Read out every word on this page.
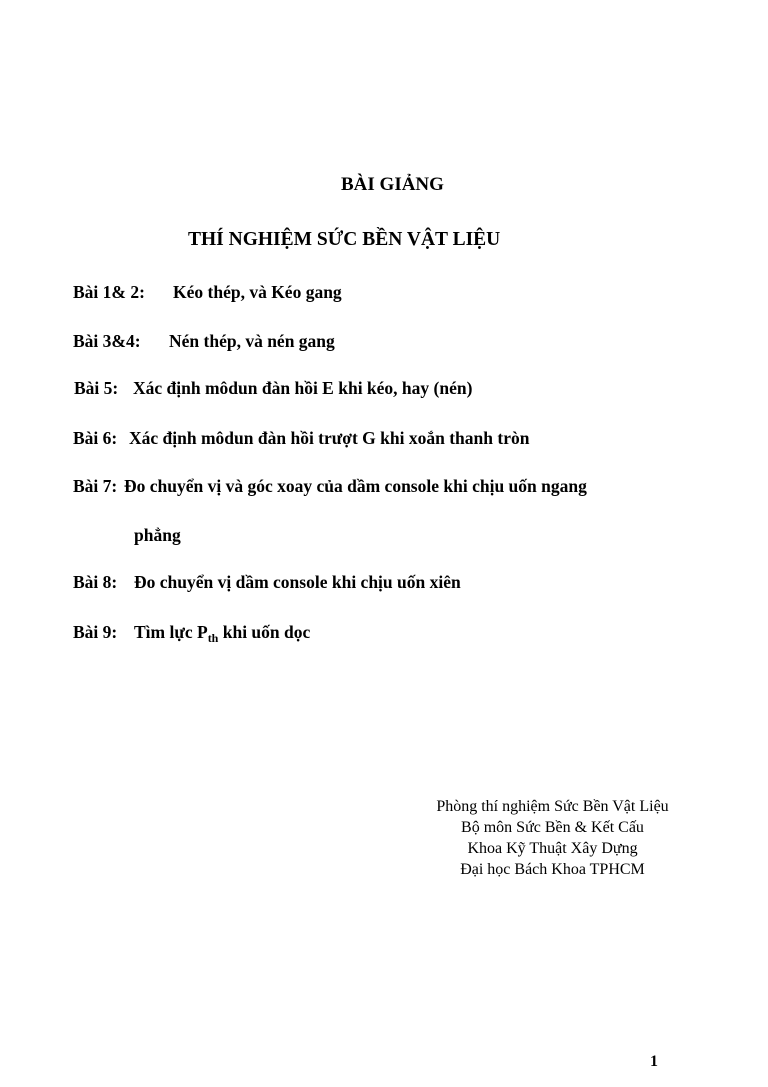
BÀI GIẢNG
THÍ NGHIỆM SỨC BỀN VẬT LIỆU
Bài 1& 2: Kéo thép, và Kéo gang
Bài 3&4: Nén thép, và nén gang
Bài 5: Xác định môdun đàn hồi E khi kéo, hay (nén)
Bài 6: Xác định môdun đàn hồi trượt G khi xoắn thanh tròn
Bài 7: Đo chuyển vị và góc xoay của dầm console khi chịu uốn ngang
phẳng
Bài 8: Đo chuyển vị dầm console khi chịu uốn xiên
Bài 9: Tìm lực $P_{th}$ khi uốn dọc
Phòng thí nghiệm Sức Bền Vật Liệu
Bộ môn Sức Bền & Kết Cấu
Khoa Kỹ Thuật Xây Dựng
Đại học Bách Khoa TPHCM
1
